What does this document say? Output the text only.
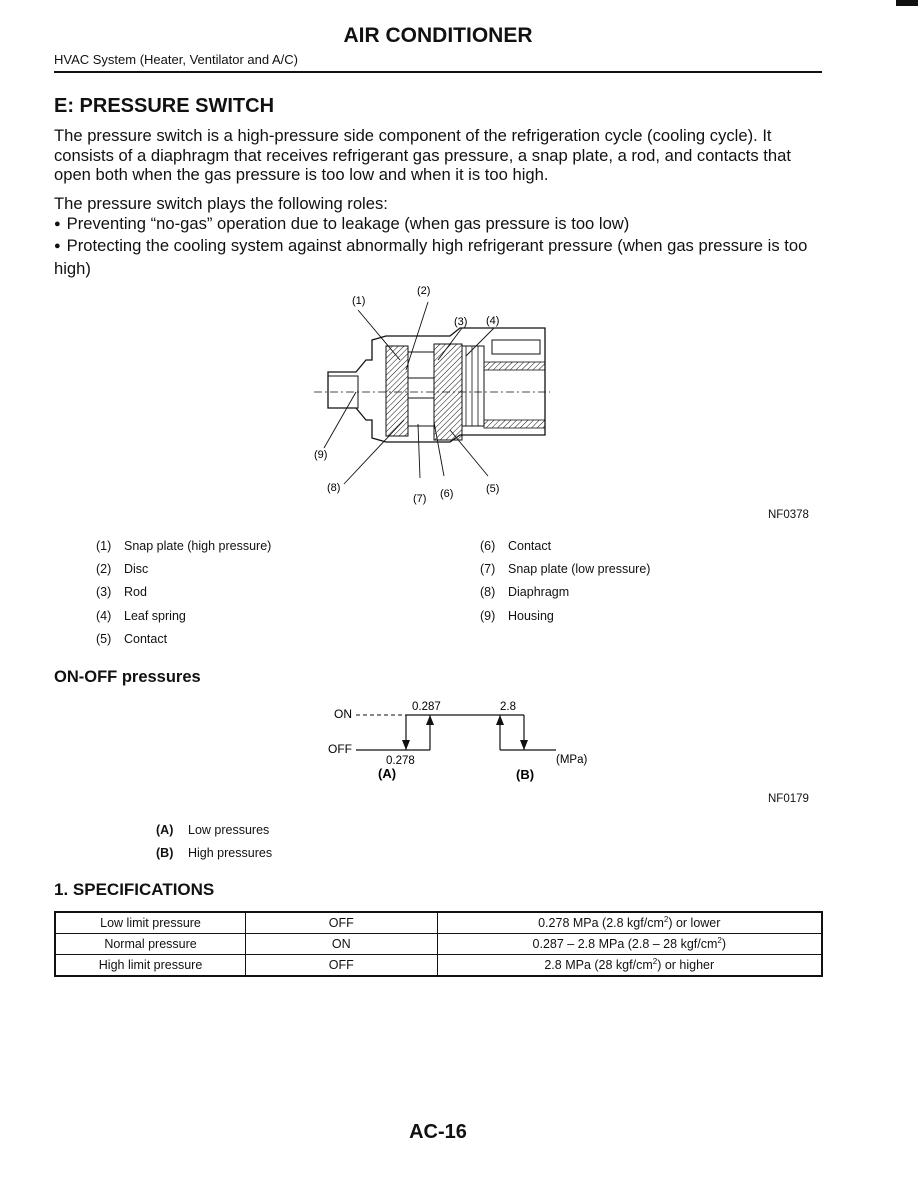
AIR CONDITIONER
HVAC System (Heater, Ventilator and A/C)
E: PRESSURE SWITCH
The pressure switch is a high-pressure side component of the refrigeration cycle (cooling cycle). It consists of a diaphragm that receives refrigerant gas pressure, a snap plate, a rod, and contacts that open both when the gas pressure is too low and when it is too high.
The pressure switch plays the following roles:
● Preventing “no-gas” operation due to leakage (when gas pressure is too low)
● Protecting the cooling system against abnormally high refrigerant pressure (when gas pressure is too high)
(1)
(2)
(3) (4)
(5)
(6)
(7)
(8)
(9)
NF0378
(1) Snap plate (high pressure)
(2) Disc
(3) Rod
(4) Leaf spring
(5) Contact
(6) Contact
(7) Snap plate (low pressure)
(8) Diaphragm
(9) Housing
ON-OFF pressures
ON
OFF
0.287
0.278
2.8
(MPa)
(A)	(B)
NF0179
(A) Low pressures
(B) High pressures
1. SPECIFICATIONS
Low limit pressure	OFF	0.278 MPa (2.8 kgf/$cm^2$) or lower
Normal pressure	ON	0.287 – 2.8 MPa (2.8 – 28 kgf/$cm^2$)
High limit pressure	OFF	2.8 MPa (28 kgf/$cm^2$) or higher
AC-16
